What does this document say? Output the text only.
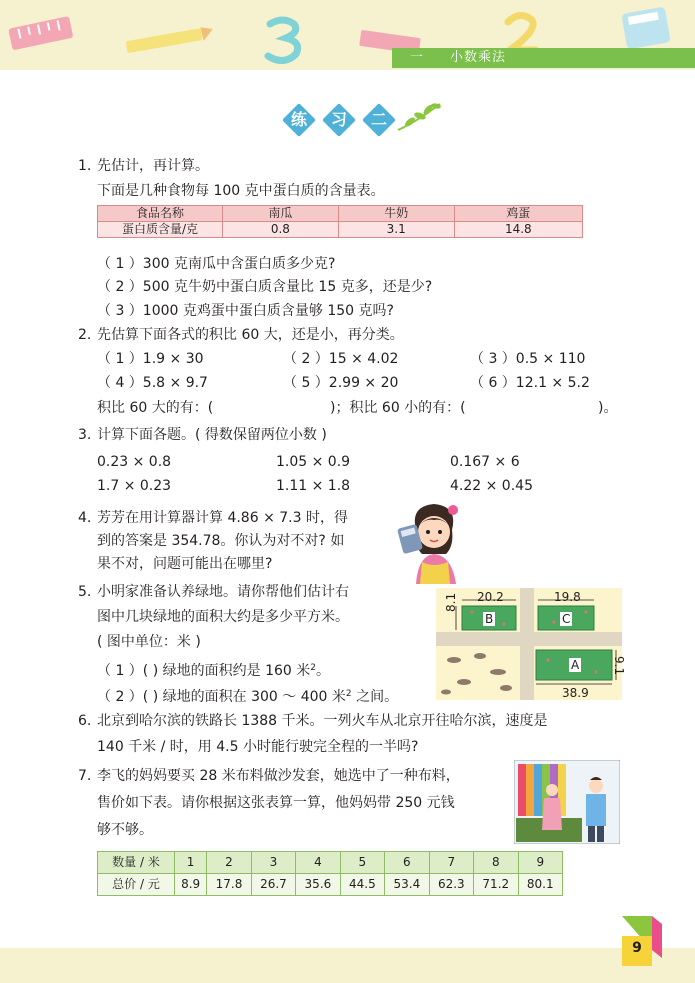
一 小数乘法
练	习	二
1. 先估计，再计算。
下面是几种食物每 100 克中蛋白质的含量表。
食品名称	南瓜	牛奶	鸡蛋
蛋白质含量/克	0.8	3.1	14.8
（ 1 ）300 克南瓜中含蛋白质多少克?
（ 2 ）500 克牛奶中蛋白质含量比 15 克多，还是少?
（ 3 ）1000 克鸡蛋中蛋白质含量够 150 克吗?
2. 先估算下面各式的积比 60 大，还是小，再分类。
（ 1 ）1.9 × 30	（ 2 ）15 × 4.02	（ 3 ）0.5 × 110
（ 4 ）5.8 × 9.7	（ 5 ）2.99 × 20	（ 6 ）12.1 × 5.2
积比 60 大的有：(	)；积比 60 小的有：(	)。
3. 计算下面各题。( 得数保留两位小数 )
0.23 × 0.8	1.05 × 0.9	0.167 × 6
1.7 × 0.23	1.11 × 1.8	4.22 × 0.45
4. 芳芳在用计算器计算 4.86 × 7.3 时，得
到的答案是 354.78。你认为对不对? 如
果不对，问题可能出在哪里?
5. 小明家准备认养绿地。请你帮他们估计右
图中几块绿地的面积大约是多少平方米。
( 图中单位：米 )
（ 1 ）( ) 绿地的面积约是 160 米$^2$。
（ 2 ）( ) 绿地的面积在 300 ～ 400 米$^2$ 之间。
20.2	19.8
8.1
9.1
38.9
B	C
A
6. 北京到哈尔滨的铁路长 1388 千米。一列火车从北京开往哈尔滨，速度是
140 千米 / 时，用 4.5 小时能行驶完全程的一半吗?
7. 李飞的妈妈要买 28 米布料做沙发套，她选中了一种布料，
售价如下表。请你根据这张表算一算，他妈妈带 250 元钱
够不够。
数量 / 米	1	2	3	4	5	6	7	8	9
总价 / 元	8.9	17.8	26.7	35.6	44.5	53.4	62.3	71.2	80.1
9
